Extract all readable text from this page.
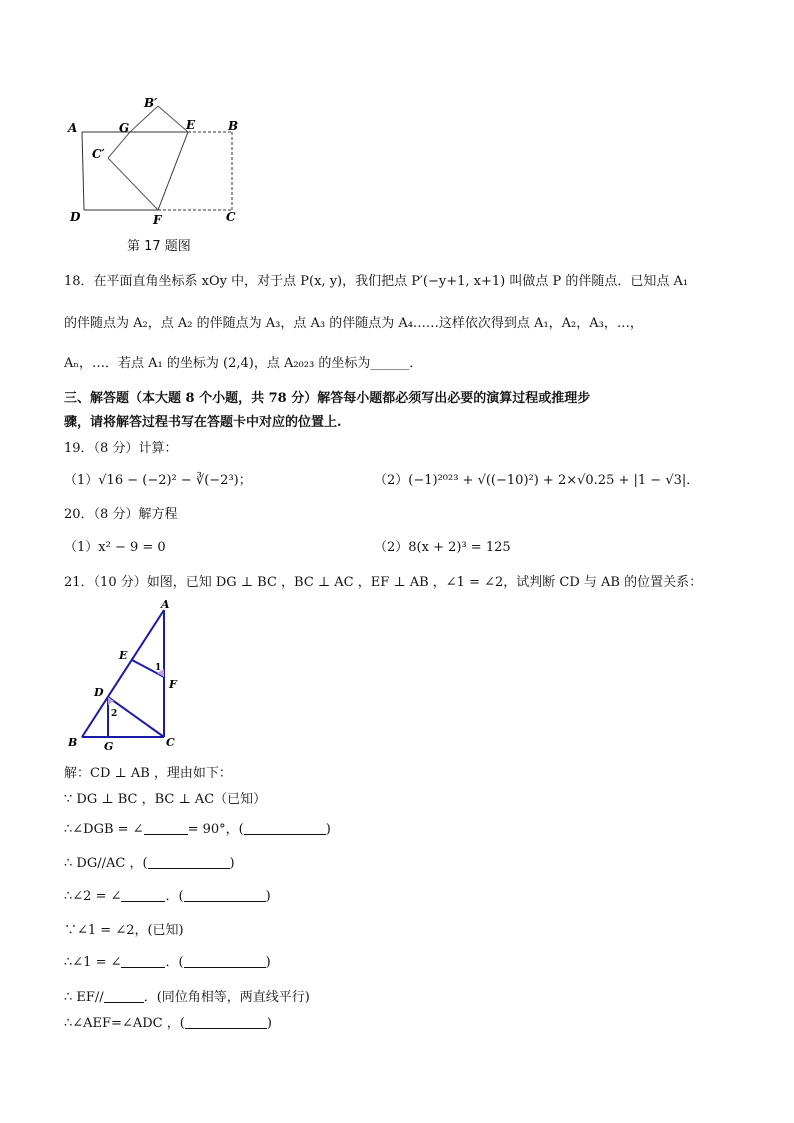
A	G
B′
E	B
C′
D	F	C
第 17 题图
18．在平面直角坐标系 xOy 中，对于点 P(x, y)，我们把点 P′(−y+1, x+1) 叫做点 P 的伴随点．已知点 A₁
的伴随点为 A₂，点 A₂ 的伴随点为 A₃，点 A₃ 的伴随点为 A₄……这样依次得到点 A₁，A₂，A₃，…，
Aₙ，…．若点 A₁ 的坐标为 (2,4)，点 A₂₀₂₃ 的坐标为______．
三、解答题（本大题 8 个小题，共 78 分）解答每小题都必须写出必要的演算过程或推理步
骤，请将解答过程书写在答题卡中对应的位置上.
19．（8 分）计算：
（1）√16 − (−2)² − ∛(−2³)；	（2）(−1)²⁰²³ + √((−10)²) + 2×√0.25 + |1 − √3|．
20．（8 分）解方程
（1）x² − 9 = 0	（2）8(x + 2)³ = 125
21．（10 分）如图，已知 DG ⊥ BC ，BC ⊥ AC ，EF ⊥ AB ，∠1 = ∠2，试判断 CD 与 AB 的位置关系：
A
E
1
F
D
2
B G	C
解：CD ⊥ AB ，理由如下：
∵ DG ⊥ BC ，BC ⊥ AC（已知）
∴∠DGB = ∠	= 90°，(	)
∴ DG//AC ，(	)
∴∠2 = ∠	．(	)
∵∠1 = ∠2，(已知)
∴∠1 = ∠	．(	)
∴ EF//	．(同位角相等，两直线平行)
∴∠AEF=∠ADC ，(	)
